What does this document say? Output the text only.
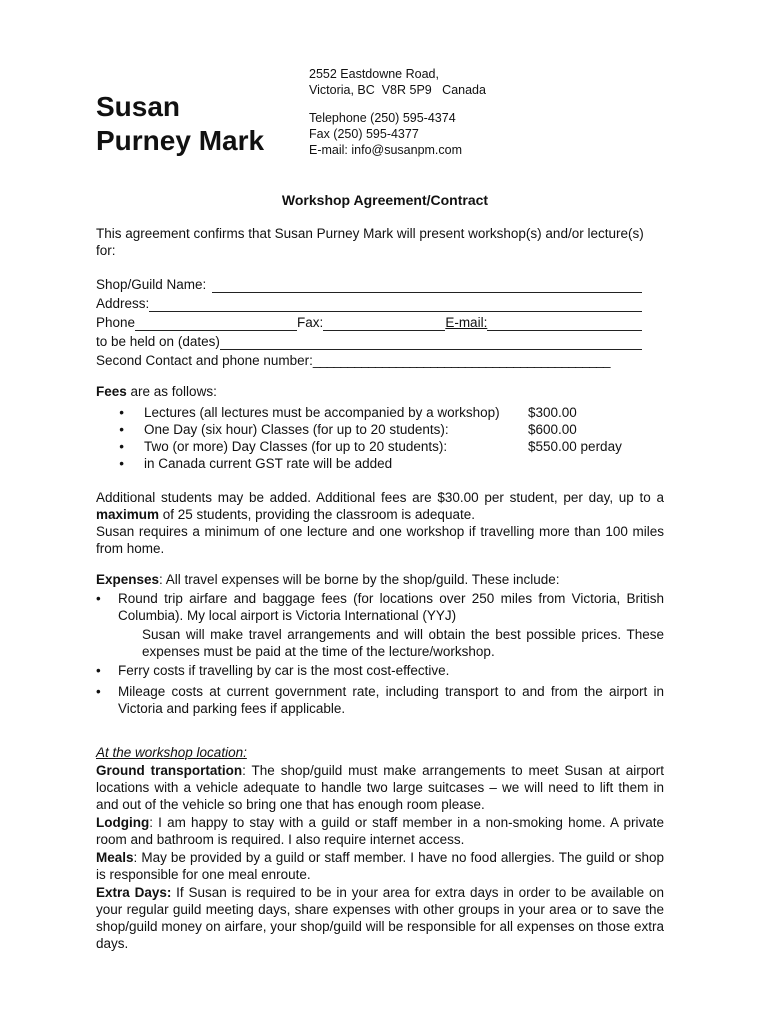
Susan
Purney Mark
2552 Eastdowne Road,
Victoria, BC  V8R 5P9   Canada
Telephone (250) 595-4374
Fax (250) 595-4377
E-mail: info@susanpm.com
Workshop Agreement/Contract
This agreement confirms that Susan Purney Mark will present workshop(s) and/or lecture(s) for:
Shop/Guild Name:
Address:
Phone	Fax:	E-mail:
to be held on (dates)
Second Contact and phone number: ___________________________________________
Fees are as follows:
•	Lectures (all lectures must be accompanied by a workshop)	$300.00
•	One Day (six hour) Classes (for up to 20 students):	$600.00
•	Two (or more) Day Classes (for up to 20 students):	$550.00 perday
•	in Canada current GST rate will be added
Additional students may be added. Additional fees are $30.00 per student, per day, up to a maximum of 25 students, providing the classroom is adequate.
Susan requires a minimum of one lecture and one workshop if travelling more than 100 miles from home.
Expenses: All travel expenses will be borne by the shop/guild. These include:
•	Round trip airfare and baggage fees (for locations over 250 miles from Victoria, British Columbia). My local airport is Victoria International (YYJ)
Susan will make travel arrangements and will obtain the best possible prices. These expenses must be paid at the time of the lecture/workshop.
•	Ferry costs if travelling by car is the most cost-effective.
•	Mileage costs at current government rate, including transport to and from the airport in Victoria and parking fees if applicable.

At the workshop location:

Ground transportation: The shop/guild must make arrangements to meet Susan at airport locations with a vehicle adequate to handle two large suitcases – we will need to lift them in and out of the vehicle so bring one that has enough room please.

Lodging: I am happy to stay with a guild or staff member in a non-smoking home. A private room and bathroom is required. I also require internet access.

Meals: May be provided by a guild or staff member. I have no food allergies. The guild or shop is responsible for one meal enroute.

Extra Days: If Susan is required to be in your area for extra days in order to be available on your regular guild meeting days, share expenses with other groups in your area or to save the shop/guild money on airfare, your shop/guild will be responsible for all expenses on those extra days.
